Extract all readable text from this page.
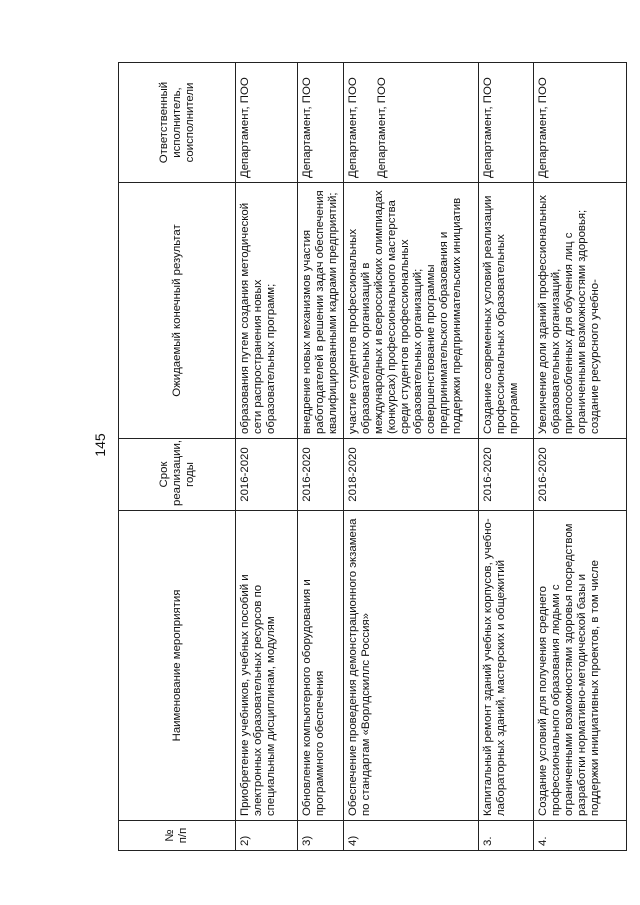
145
№ п/п	Наименование мероприятия	Срок реализации, годы	Ожидаемый конечный результат	Ответственный исполнитель, соисполнители
2)	Приобретение учебников, учебных пособий и электронных образовательных ресурсов по специальным дисциплинам, модулям	2016-2020	образования путем создания методической сети распространения новых образовательных программ;	Департамент, ПОО
3)	Обновление компьютерного оборудования и программного обеспечения	2016-2020	внедрение новых механизмов участия работодателей в решении задач обеспечения квалифицированными кадрами предприятий;	Департамент, ПОО
4)	Обеспечение проведения демонстрационного экзамена по стандартам «Ворлдскиллс Россия»	2018-2020	участие студентов профессиональных образовательных организаций в международных и всероссийских олимпиадах (конкурсах) профессионального мастерства среди студентов профессиональных образовательных организаций; совершенствование программы предпринимательского образования и поддержки предпринимательских инициатив	Департамент, ПОО Департамент, ПОО

3.	Капитальный ремонт зданий учебных корпусов, учебно-лабораторных зданий, мастерских и общежитий	2016-2020	Создание современных условий реализации профессиональных образовательных программ	Департамент, ПОО
4.	Создание условий для получения среднего профессионального образования людьми с ограниченными возможностями здоровья посредством разработки нормативно-методической базы и поддержки инициативных проектов, в том числе	2016-2020	Увеличение доли зданий профессиональных образовательных организаций, приспособленных для обучения лиц с ограниченными возможностями здоровья; создание ресурсного учебно-	Департамент, ПОО
